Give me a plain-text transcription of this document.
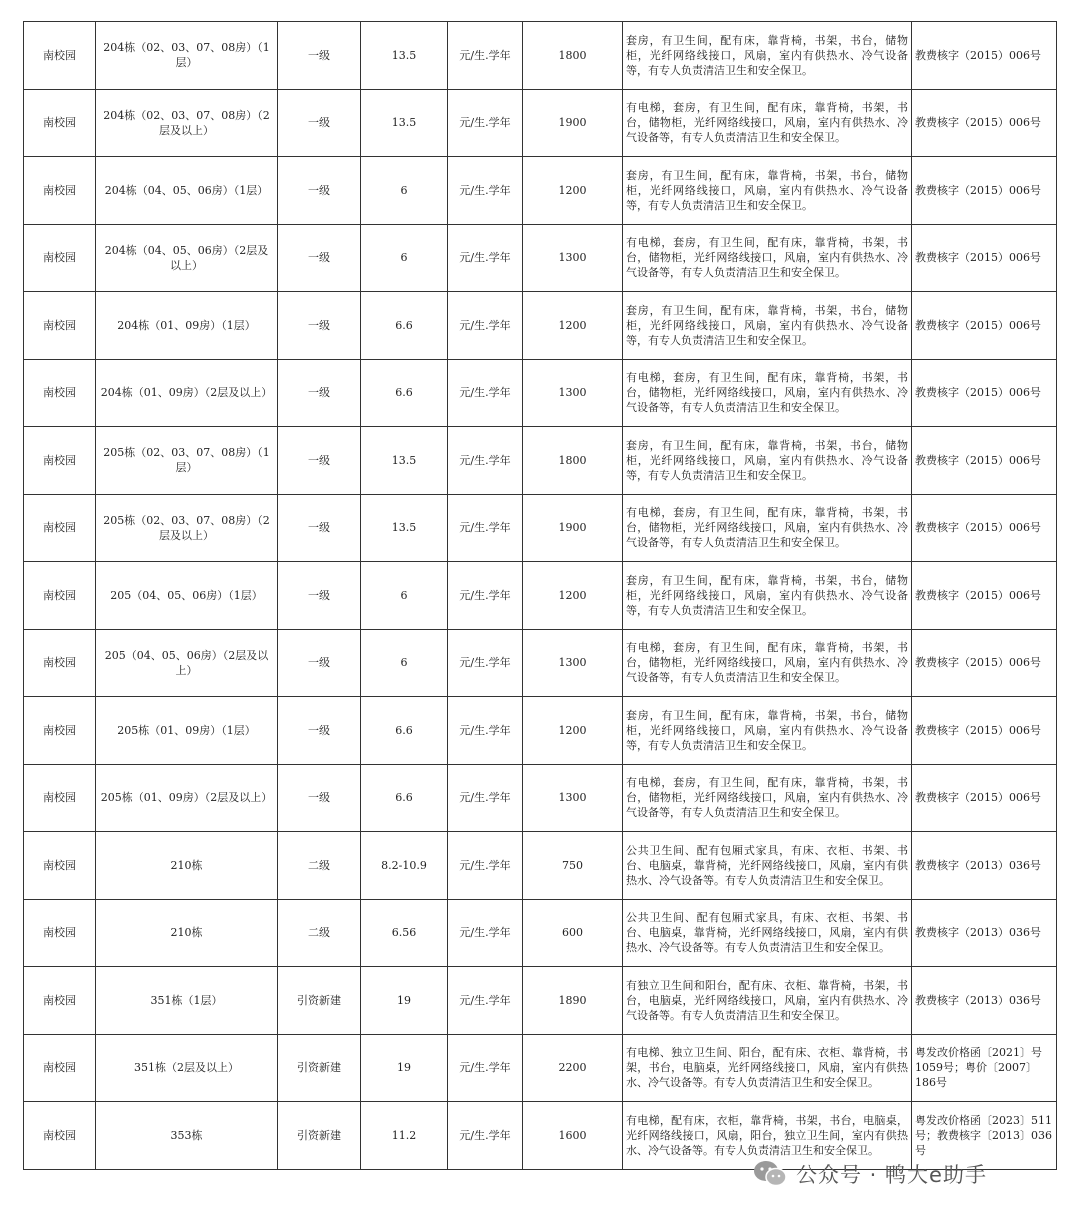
南校园	204栋（02、03、07、08房）（1层）	一级	13.5	元/生.学年	1800	套房，有卫生间，配有床，靠背椅，书架，书台，储物柜，光纤网络线接口，风扇，室内有供热水、冷气设备等，有专人负责清洁卫生和安全保卫。	教费核字（2015）006号
南校园	204栋（02、03、07、08房）（2层及以上）	一级	13.5	元/生.学年	1900	有电梯，套房，有卫生间，配有床，靠背椅，书架，书台，储物柜，光纤网络线接口，风扇，室内有供热水、冷气设备等，有专人负责清洁卫生和安全保卫。	教费核字（2015）006号
南校园	204栋（04、05、06房）（1层）	一级	6	元/生.学年	1200	套房，有卫生间，配有床，靠背椅，书架，书台，储物柜，光纤网络线接口，风扇，室内有供热水、冷气设备等，有专人负责清洁卫生和安全保卫。	教费核字（2015）006号
南校园	204栋（04、05、06房）（2层及以上）	一级	6	元/生.学年	1300	有电梯，套房，有卫生间，配有床，靠背椅，书架，书台，储物柜，光纤网络线接口，风扇，室内有供热水、冷气设备等，有专人负责清洁卫生和安全保卫。	教费核字（2015）006号
南校园	204栋（01、09房）（1层）	一级	6.6	元/生.学年	1200	套房，有卫生间，配有床，靠背椅，书架，书台，储物柜，光纤网络线接口，风扇，室内有供热水、冷气设备等，有专人负责清洁卫生和安全保卫。	教费核字（2015）006号
南校园	204栋（01、09房）（2层及以上）	一级	6.6	元/生.学年	1300	有电梯，套房，有卫生间，配有床，靠背椅，书架，书台，储物柜，光纤网络线接口，风扇，室内有供热水、冷气设备等，有专人负责清洁卫生和安全保卫。	教费核字（2015）006号
南校园	205栋（02、03、07、08房）（1层）	一级	13.5	元/生.学年	1800	套房，有卫生间，配有床，靠背椅，书架，书台，储物柜，光纤网络线接口，风扇，室内有供热水、冷气设备等，有专人负责清洁卫生和安全保卫。	教费核字（2015）006号
南校园	205栋（02、03、07、08房）（2层及以上）	一级	13.5	元/生.学年	1900	有电梯，套房，有卫生间，配有床，靠背椅，书架，书台，储物柜，光纤网络线接口，风扇，室内有供热水、冷气设备等，有专人负责清洁卫生和安全保卫。	教费核字（2015）006号
南校园	205（04、05、06房）（1层）	一级	6	元/生.学年	1200	套房，有卫生间，配有床，靠背椅，书架，书台，储物柜，光纤网络线接口，风扇，室内有供热水、冷气设备等，有专人负责清洁卫生和安全保卫。	教费核字（2015）006号
南校园	205（04、05、06房）（2层及以上）	一级	6	元/生.学年	1300	有电梯，套房，有卫生间，配有床，靠背椅，书架，书台，储物柜，光纤网络线接口，风扇，室内有供热水、冷气设备等，有专人负责清洁卫生和安全保卫。	教费核字（2015）006号
南校园	205栋（01、09房）（1层）	一级	6.6	元/生.学年	1200	套房，有卫生间，配有床，靠背椅，书架，书台，储物柜，光纤网络线接口，风扇，室内有供热水、冷气设备等，有专人负责清洁卫生和安全保卫。	教费核字（2015）006号
南校园	205栋（01、09房）（2层及以上）	一级	6.6	元/生.学年	1300	有电梯，套房，有卫生间，配有床，靠背椅，书架，书台，储物柜，光纤网络线接口，风扇，室内有供热水、冷气设备等，有专人负责清洁卫生和安全保卫。	教费核字（2015）006号
南校园	210栋	二级	8.2-10.9	元/生.学年	750	公共卫生间、配有包厢式家具，有床、衣柜、书架、书台、电脑桌，靠背椅，光纤网络线接口，风扇，室内有供热水、冷气设备等。有专人负责清洁卫生和安全保卫。	教费核字（2013）036号
南校园	210栋	二级	6.56	元/生.学年	600	公共卫生间、配有包厢式家具，有床、衣柜、书架、书台、电脑桌，靠背椅，光纤网络线接口，风扇，室内有供热水、冷气设备等。有专人负责清洁卫生和安全保卫。	教费核字（2013）036号
南校园	351栋（1层）	引资新建	19	元/生.学年	1890	有独立卫生间和阳台，配有床、衣柜、靠背椅，书架，书台，电脑桌，光纤网络线接口，风扇，室内有供热水、冷气设备等。有专人负责清洁卫生和安全保卫。	教费核字（2013）036号
南校园	351栋（2层及以上）	引资新建	19	元/生.学年	2200	有电梯、独立卫生间、阳台，配有床、衣柜、靠背椅，书架，书台，电脑桌，光纤网络线接口，风扇，室内有供热水、冷气设备等。有专人负责清洁卫生和安全保卫。	粤发改价格函〔2021〕号1059号；粤价〔2007〕186号
南校园	353栋	引资新建	11.2	元/生.学年	1600	有电梯，配有床，衣柜，靠背椅，书架，书台，电脑桌，光纤网络线接口，风扇，阳台，独立卫生间，室内有供热水、冷气设备等。有专人负责清洁卫生和安全保卫。	粤发改价格函〔2023〕511号；教费核字〔2013〕036号
公众号 · 鸭大e助手
